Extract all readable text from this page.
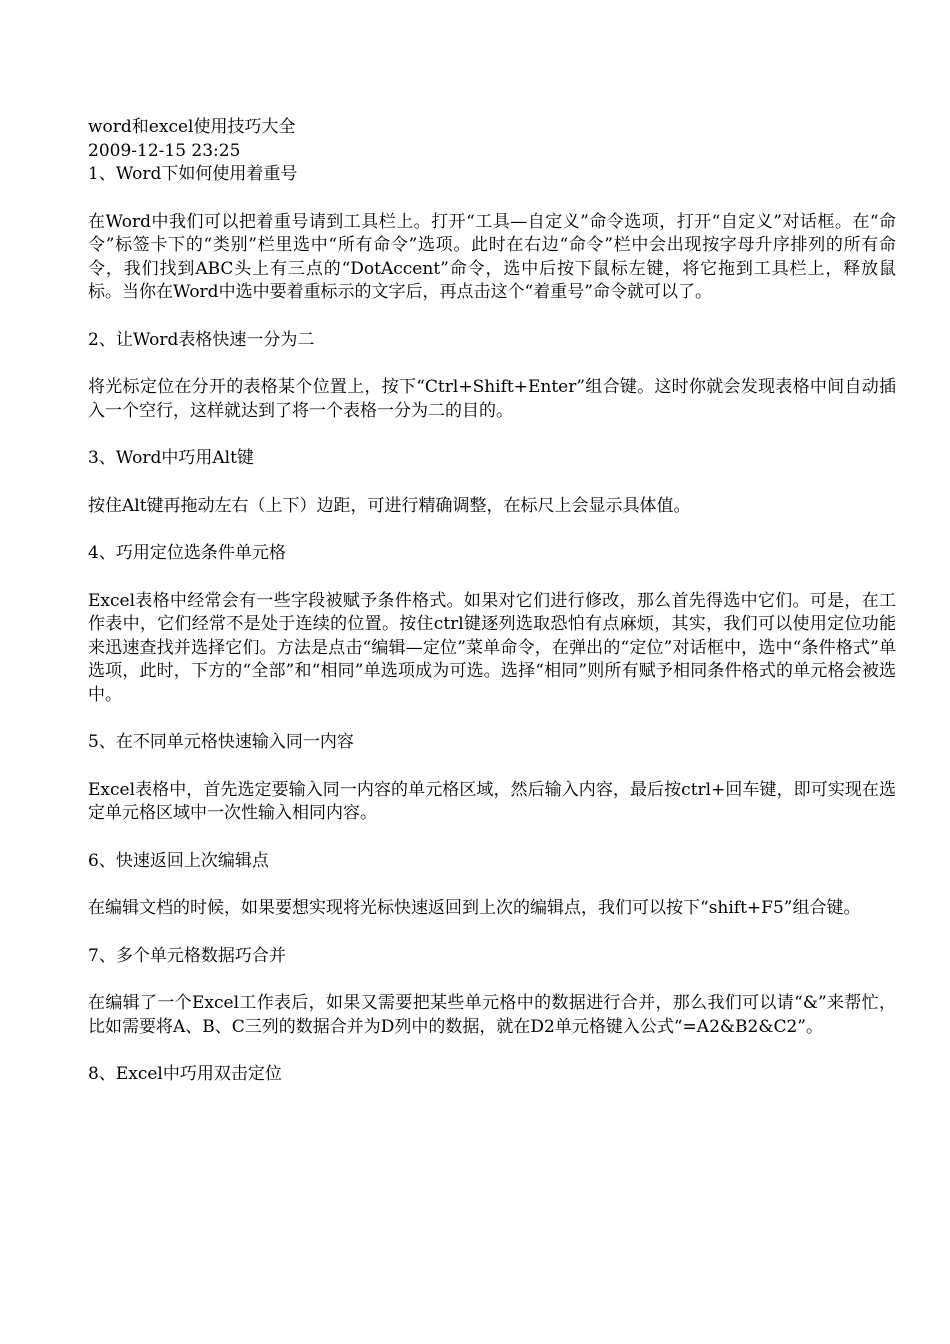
word和excel使用技巧大全

2009-12-15 23:25

1、Word下如何使用着重号

在Word中我们可以把着重号请到工具栏上。打开“工具—自定义”命令选项，打开“自定义”对话框。在“命令”标签卡下的“类别”栏里选中“所有命令”选项。此时在右边“命令”栏中会出现按字母升序排列的所有命令，我们找到ABC头上有三点的“DotAccent”命令，选中后按下鼠标左键，将它拖到工具栏上，释放鼠标。当你在Word中选中要着重标示的文字后，再点击这个“着重号”命令就可以了。

2、让Word表格快速一分为二

将光标定位在分开的表格某个位置上，按下“Ctrl+Shift+Enter”组合键。这时你就会发现表格中间自动插入一个空行，这样就达到了将一个表格一分为二的目的。

3、Word中巧用Alt键

按住Alt键再拖动左右（上下）边距，可进行精确调整，在标尺上会显示具体值。

4、巧用定位选条件单元格

Excel表格中经常会有一些字段被赋予条件格式。如果对它们进行修改，那么首先得选中它们。可是，在工作表中，它们经常不是处于连续的位置。按住ctrl键逐列选取恐怕有点麻烦，其实，我们可以使用定位功能来迅速查找并选择它们。方法是点击“编辑—定位”菜单命令，在弹出的“定位”对话框中，选中“条件格式”单选项，此时，下方的“全部”和“相同”单选项成为可选。选择“相同”则所有赋予相同条件格式的单元格会被选中。

5、在不同单元格快速输入同一内容

Excel表格中，首先选定要输入同一内容的单元格区域，然后输入内容，最后按ctrl+回车键，即可实现在选定单元格区域中一次性输入相同内容。

6、快速返回上次编辑点

在编辑文档的时候，如果要想实现将光标快速返回到上次的编辑点，我们可以按下“shift+F5”组合键。

7、多个单元格数据巧合并

在编辑了一个Excel工作表后，如果又需要把某些单元格中的数据进行合并，那么我们可以请“&”来帮忙，比如需要将A、B、C三列的数据合并为D列中的数据，就在D2单元格键入公式“=A2&B2&C2”。

8、Excel中巧用双击定位
